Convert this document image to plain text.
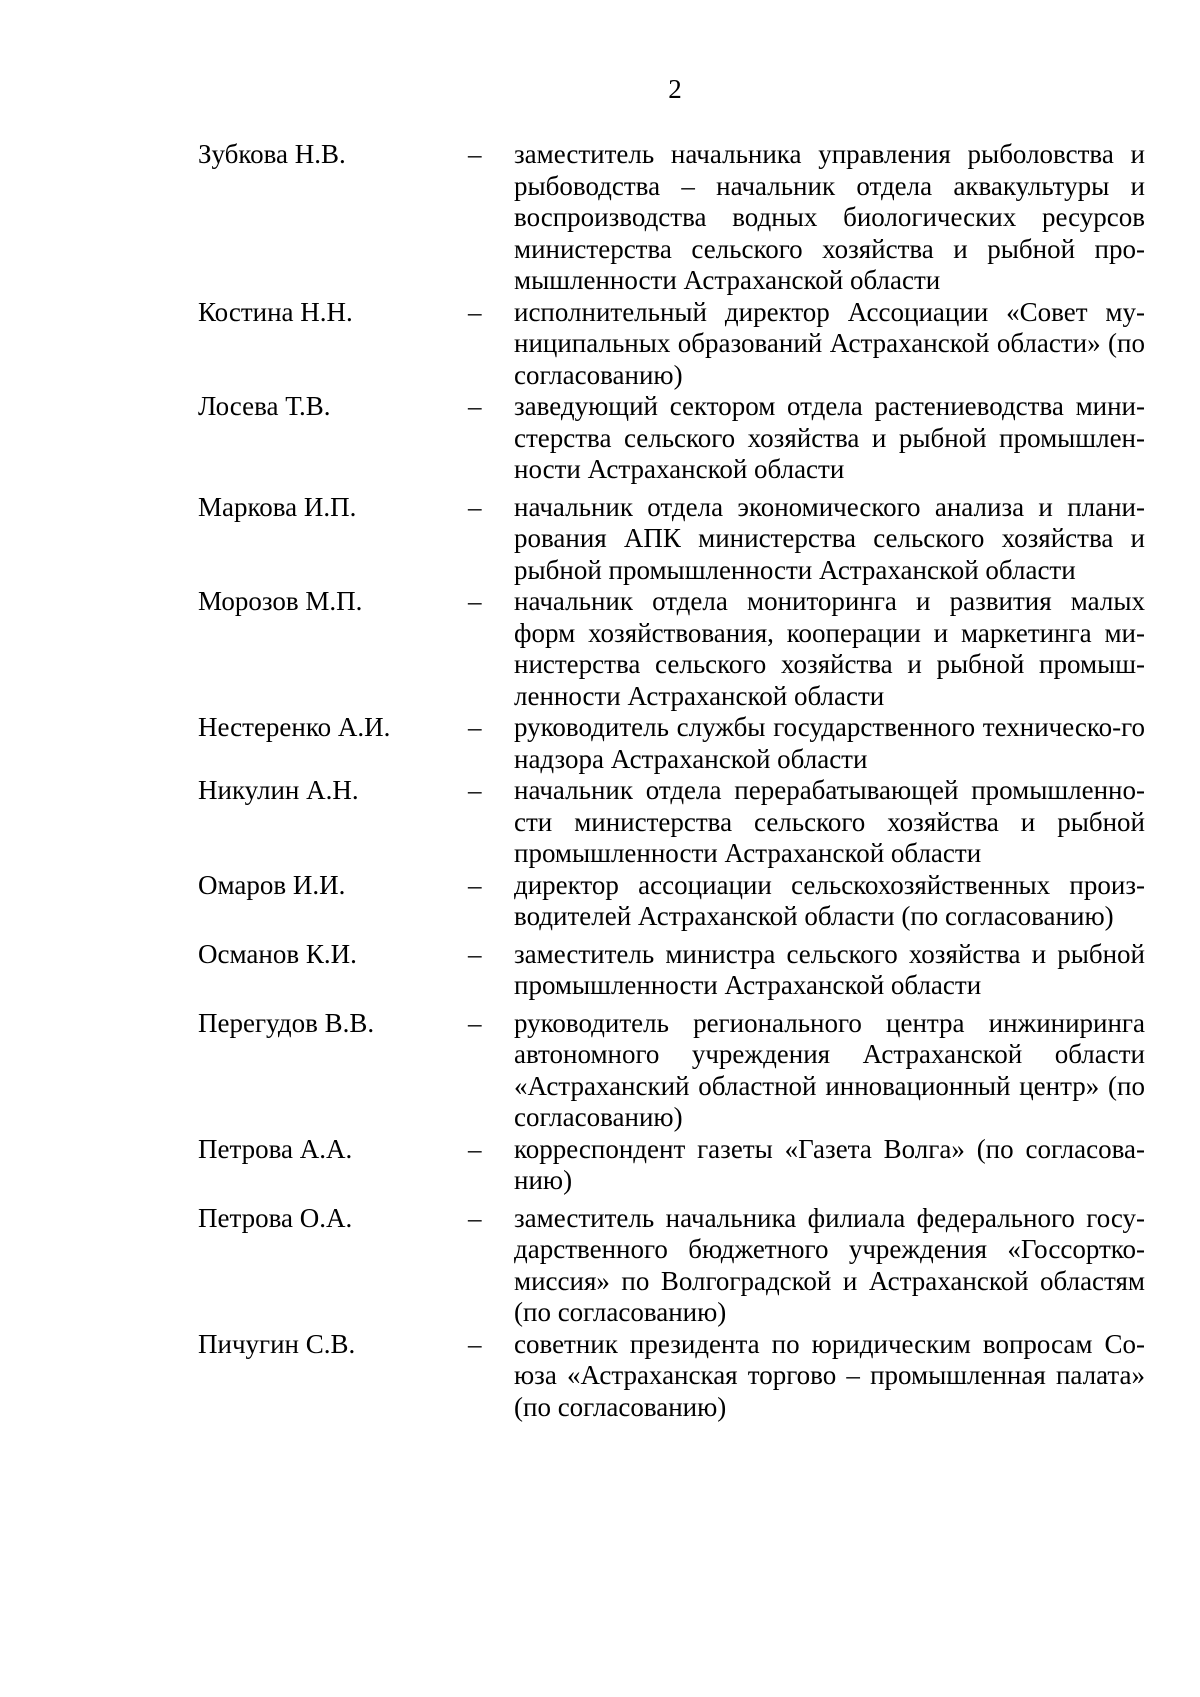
2
Зубкова Н.В.	–	заместитель начальника управления рыболовства и рыбоводства – начальник отдела аквакультуры и воспроизводства водных биологических ресурсов министерства сельского хозяйства и рыбной про-мышленности Астраханской области
Костина Н.Н.	–	исполнительный директор Ассоциации «Совет му-ниципальных образований Астраханской области» (по согласованию)
Лосева Т.В.	–	заведующий сектором отдела растениеводства мини-стерства сельского хозяйства и рыбной промышлен-ности Астраханской области
Маркова И.П.	–	начальник отдела экономического анализа и плани-рования АПК министерства сельского хозяйства и рыбной промышленности Астраханской области
Морозов М.П.	–	начальник отдела мониторинга и развития малых форм хозяйствования, кооперации и маркетинга ми-нистерства сельского хозяйства и рыбной промыш-ленности Астраханской области
Нестеренко А.И.	–	руководитель службы государственного техническо-го надзора Астраханской области
Никулин А.Н.	–	начальник отдела перерабатывающей промышленно-сти министерства сельского хозяйства и рыбной промышленности Астраханской области
Омаров И.И.	–	директор ассоциации сельскохозяйственных произ-водителей Астраханской области (по согласованию)
Османов К.И.	–	заместитель министра сельского хозяйства и рыбной промышленности Астраханской области
Перегудов В.В.	–	руководитель регионального центра инжиниринга автономного учреждения Астраханской области «Астраханский областной инновационный центр» (по согласованию)
Петрова А.А.	–	корреспондент газеты «Газета Волга» (по согласова-нию)
Петрова О.А.	–	заместитель начальника филиала федерального госу-дарственного бюджетного учреждения «Госсортко-миссия» по Волгоградской и Астраханской областям (по согласованию)
Пичугин С.В.	–	советник президента по юридическим вопросам Со-юза «Астраханская торгово – промышленная палата» (по согласованию)
